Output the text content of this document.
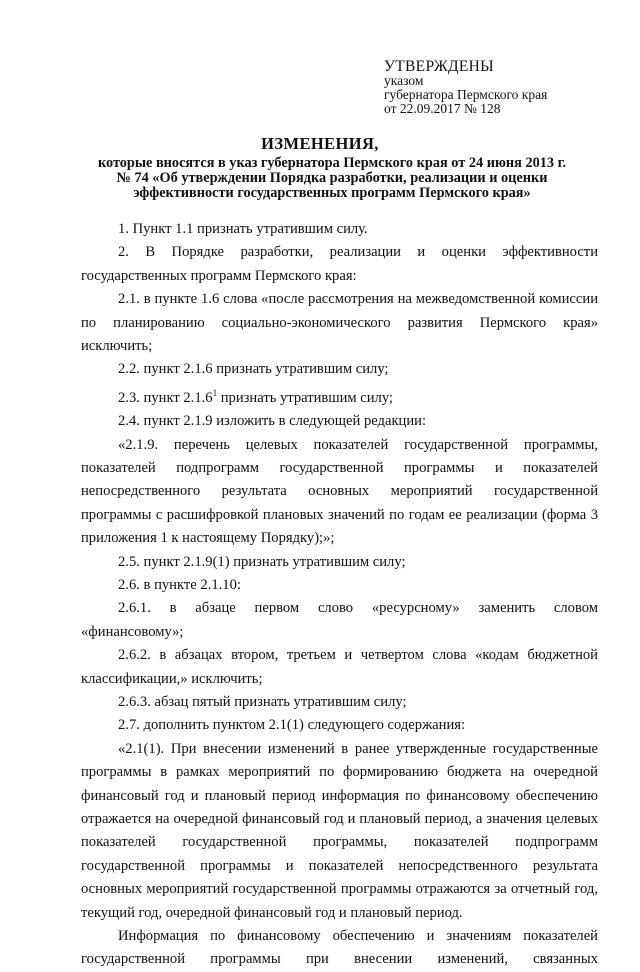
УТВЕРЖДЕНЫ
указом
губернатора Пермского края
от 22.09.2017 № 128
ИЗМЕНЕНИЯ,
которые вносятся в указ губернатора Пермского края от 24 июня 2013 г.
№ 74 «Об утверждении Порядка разработки, реализации и оценки
эффективности государственных программ Пермского края»

1. Пункт 1.1 признать утратившим силу.

2. В Порядке разработки, реализации и оценки эффективности государственных программ Пермского края:

2.1. в пункте 1.6 слова «после рассмотрения на межведомственной комиссии по планированию социально-экономического развития Пермского края» исключить;

2.2. пункт 2.1.6 признать утратившим силу;

2.3. пункт 2.1.6$^1$ признать утратившим силу;

2.4. пункт 2.1.9 изложить в следующей редакции:

«2.1.9. перечень целевых показателей государственной программы, показателей подпрограмм государственной программы и показателей непосредственного результата основных мероприятий государственной программы с расшифровкой плановых значений по годам ее реализации (форма 3 приложения 1 к настоящему Порядку);»;

2.5. пункт 2.1.9(1) признать утратившим силу;

2.6. в пункте 2.1.10:

2.6.1. в абзаце первом слово «ресурсному» заменить словом «финансовому»;

2.6.2. в абзацах втором, третьем и четвертом слова «кодам бюджетной классификации,» исключить;

2.6.3. абзац пятый признать утратившим силу;

2.7. дополнить пунктом 2.1(1) следующего содержания:

«2.1(1). При внесении изменений в ранее утвержденные государственные программы в рамках мероприятий по формированию бюджета на очередной финансовый год и плановый период информация по финансовому обеспечению отражается на очередной финансовый год и плановый период, а значения целевых показателей государственной программы, показателей подпрограмм государственной программы и показателей непосредственного результата основных мероприятий государственной программы отражаются за отчетный год, текущий год, очередной финансовый год и плановый период.

Информация по финансовому обеспечению и значениям показателей государственной программы при внесении изменений, связанных
